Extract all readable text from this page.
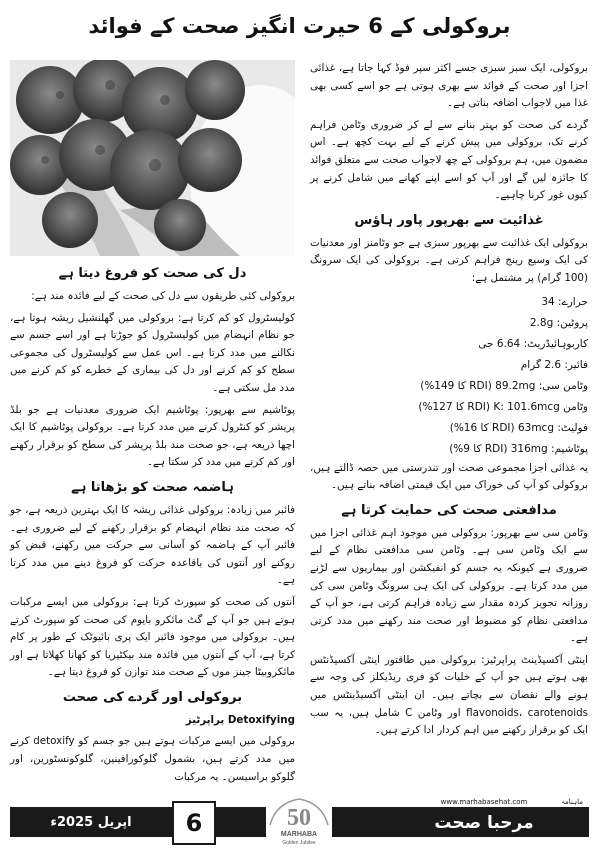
بروکولی کے 6 حیرت انگیز صحت کے فوائد

بروکولی، ایک سبز سبزی جسے اکثر سپر فوڈ کہا جاتا ہے، غذائی اجزا اور صحت کے فوائد سے بھری ہوتی ہے جو اسے کسی بھی غذا میں لاجواب اضافہ بناتی ہے۔

گردے کی صحت کو بہتر بنانے سے لے کر ضروری وٹامن فراہم کرنے تک، بروکولی میں پیش کرنے کے لیے بہت کچھ ہے۔ اس مضمون میں، ہم بروکولی کے چھ لاجواب صحت سے متعلق فوائد کا جائزہ لیں گے اور آپ کو اسے اپنے کھانے میں شامل کرنے پر کیوں غور کرنا چاہیے۔

غذائیت سے بھرپور پاور ہاؤس

بروکولی ایک غذائیت سے بھرپور سبزی ہے جو وٹامنز اور معدنیات کی ایک وسیع رینج فراہم کرتی ہے۔ بروکولی کی ایک سرونگ (100 گرام) پر مشتمل ہے:

حرارے: 34
پروٹین: 2.8g
کاربوہائیڈریٹ: 6.64 جی
فائبر: 2.6 گرام
وٹامن سی: 89.2mg (RDI کا 149%)
وٹامن K: 101.6mcg (RDI کا 127%)
فولیٹ: 63mcg (RDI کا 16%)
پوٹاشیم: 316mg (RDI کا 9%)

یہ غذائی اجزا مجموعی صحت اور تندرستی میں حصہ ڈالتے ہیں، بروکولی کو آپ کی خوراک میں ایک قیمتی اضافہ بناتے ہیں۔

مدافعتی صحت کی حمایت کرتا ہے

وٹامن سی سے بھرپور: بروکولی میں موجود اہم غذائی اجزا میں سے ایک وٹامن سی ہے۔ وٹامن سی مدافعتی نظام کے لیے ضروری ہے کیونکہ یہ جسم کو انفیکشن اور بیماریوں سے لڑنے میں مدد کرتا ہے۔ بروکولی کی ایک ہی سرونگ وٹامن سی کی روزانہ تجویز کردہ مقدار سے زیادہ فراہم کرتی ہے، جو آپ کے مدافعتی نظام کو مضبوط اور صحت مند رکھنے میں مدد کرتی ہے۔

اینٹی آکسیڈینٹ پراپرٹیز: بروکولی میں طاقتور اینٹی آکسیڈنٹس بھی ہوتے ہیں جو آپ کے خلیات کو فری ریڈیکلز کی وجہ سے ہونے والے نقصان سے بچاتے ہیں۔ ان اینٹی آکسیڈینٹس میں flavonoids، carotenoids اور وٹامن C شامل ہیں، یہ سب ایک کو برقرار رکھنے میں اہم کردار ادا کرتے ہیں۔

دل کی صحت کو فروغ دیتا ہے

بروکولی کئی طریقوں سے دل کی صحت کے لیے فائدہ مند ہے:

کولیسٹرول کو کم کرتا ہے: بروکولی میں گھلنشیل ریشہ ہوتا ہے، جو نظام انہضام میں کولیسٹرول کو جوڑتا ہے اور اسے جسم سے نکالنے میں مدد کرتا ہے۔ اس عمل سے کولیسٹرول کی مجموعی سطح کو کم کرنے اور دل کی بیماری کے خطرے کو کم کرنے میں مدد مل سکتی ہے۔

پوٹاشیم سے بھرپور: پوٹاشیم ایک ضروری معدنیات ہے جو بلڈ پریشر کو کنٹرول کرنے میں مدد کرتا ہے۔ بروکولی پوٹاشیم کا ایک اچھا ذریعہ ہے، جو صحت مند بلڈ پریشر کی سطح کو برقرار رکھنے اور کم کرنے میں مدد کر سکتا ہے۔

ہاضمہ صحت کو بڑھاتا ہے

فائبر میں زیادہ: بروکولی غذائی ریشہ کا ایک بہترین ذریعہ ہے، جو کہ صحت مند نظام انہضام کو برقرار رکھنے کے لیے ضروری ہے۔ فائبر آپ کے ہاضمہ کو آسانی سے حرکت میں رکھنے، قبض کو روکنے اور آنتوں کی باقاعدہ حرکت کو فروغ دینے میں مدد کرتا ہے۔

آنتوں کی صحت کو سپورٹ کرتا ہے: بروکولی میں ایسے مرکبات ہوتے ہیں جو آپ کے گٹ مائکرو بایوم کی صحت کو سپورٹ کرتے ہیں۔ بروکولی میں موجود فائبر ایک پری بائیوٹک کے طور پر کام کرتا ہے، آپ کے آنتوں میں فائدہ مند بیکٹیریا کو کھانا کھلاتا ہے اور مائکروبیٹا جینز موں کے صحت مند توازن کو فروغ دیتا ہے۔

بروکولی اور گردے کی صحت

Detoxifying پراپرٹیز

بروکولی میں ایسے مرکبات ہوتے ہیں جو جسم کو detoxify کرنے میں مدد کرتے ہیں، بشمول گلوکورافینین، گلوکونسٹورین، اور گلوکو براسیسن۔ یہ مرکبات

اپریل 2025ء	6	50
MARHABA
Golden Jubilee
www.marhabasehat.com	ماہنامہ
مرحبا صحت
